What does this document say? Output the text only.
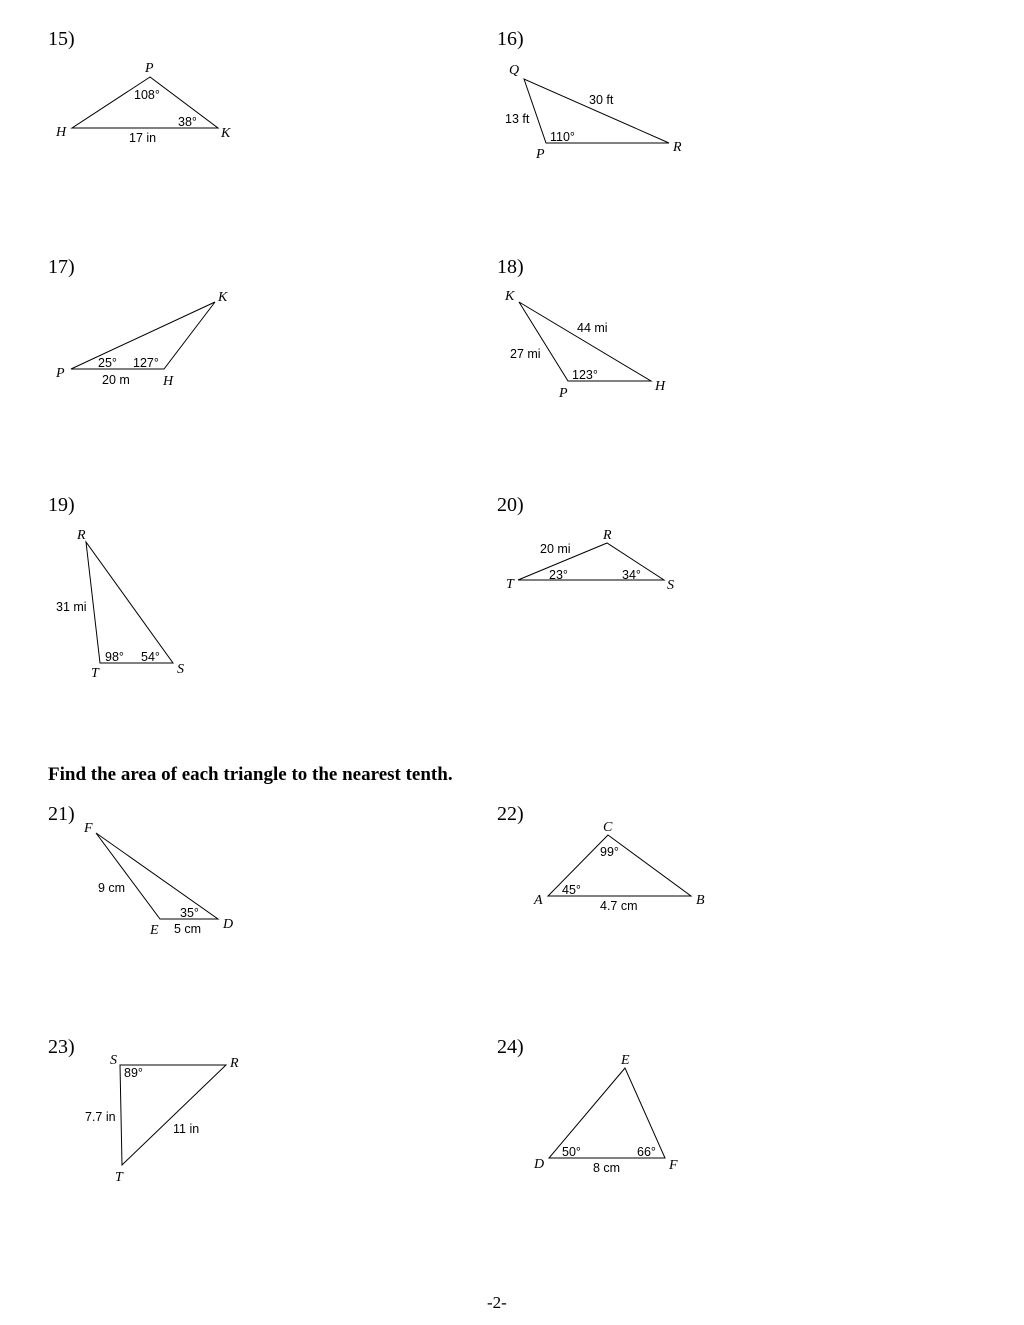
15)	16)
17)	18)
19)	20)
Find the area of each triangle to the nearest tenth.
21)	22)
23)	24)
-2-
P
H	K
108°
38°
17 in
Q
P	R
30 ft
13 ft
110°
K
P
H
25° 127°
20 m
K
P	H
44 mi
27 mi
123°
R
T	S
31 mi
98° 54°
R
T	S
20 mi
23°	34°
F
E	D
9 cm
35°
5 cm
C
A	B
99°
45°
4.7 cm
S	R
T
89°
7.7 in
11 in
E
D	F
50°	66°
8 cm
